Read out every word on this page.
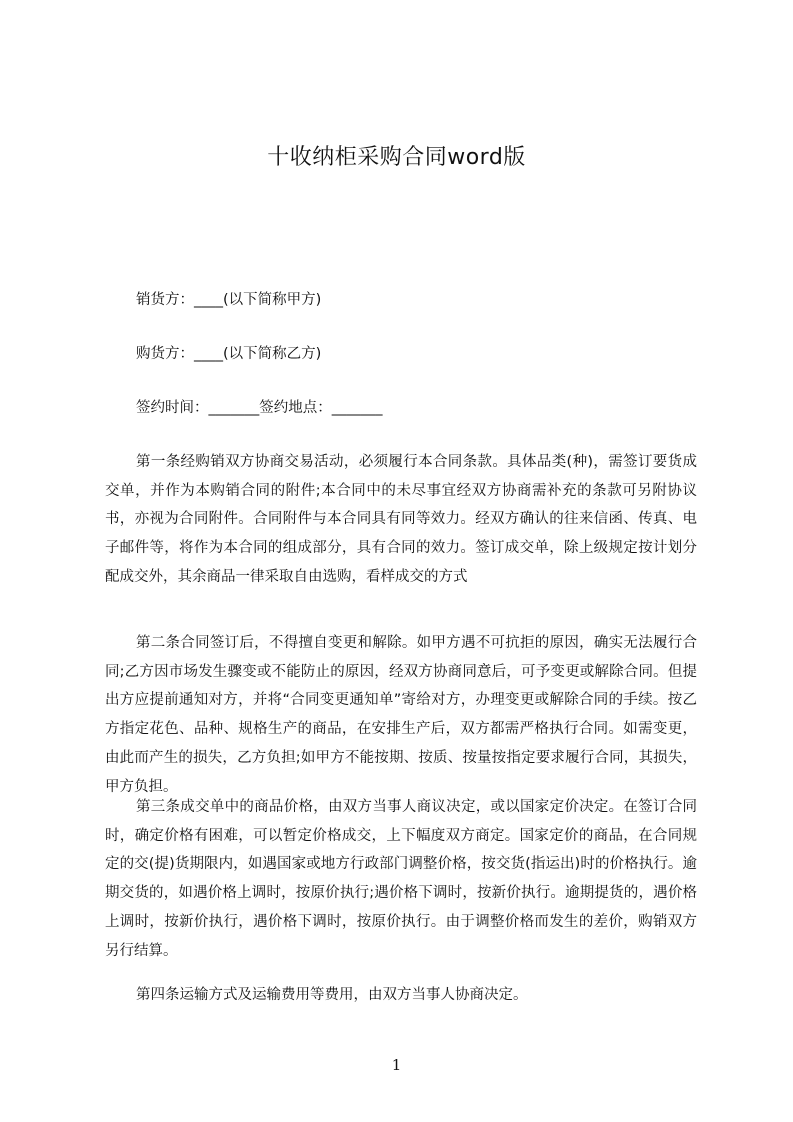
十收纳柜采购合同word版
销货方：____(以下简称甲方)
购货方：____(以下简称乙方)
签约时间：_______签约地点：_______
第一条经购销双方协商交易活动，必须履行本合同条款。具体品类(种)，需签订要货成交单，并作为本购销合同的附件;本合同中的未尽事宜经双方协商需补充的条款可另附协议书，亦视为合同附件。合同附件与本合同具有同等效力。经双方确认的往来信函、传真、电子邮件等，将作为本合同的组成部分，具有合同的效力。签订成交单，除上级规定按计划分配成交外，其余商品一律采取自由选购，看样成交的方式
第二条合同签订后，不得擅自变更和解除。如甲方遇不可抗拒的原因，确实无法履行合同;乙方因市场发生骤变或不能防止的原因，经双方协商同意后，可予变更或解除合同。但提出方应提前通知对方，并将“合同变更通知单”寄给对方，办理变更或解除合同的手续。按乙方指定花色、品种、规格生产的商品，在安排生产后，双方都需严格执行合同。如需变更，由此而产生的损失，乙方负担;如甲方不能按期、按质、按量按指定要求履行合同，其损失，甲方负担。
第三条成交单中的商品价格，由双方当事人商议决定，或以国家定价决定。在签订合同时，确定价格有困难，可以暂定价格成交，上下幅度双方商定。国家定价的商品，在合同规定的交(提)货期限内，如遇国家或地方行政部门调整价格，按交货(指运出)时的价格执行。逾期交货的，如遇价格上调时，按原价执行;遇价格下调时，按新价执行。逾期提货的，遇价格上调时，按新价执行，遇价格下调时，按原价执行。由于调整价格而发生的差价，购销双方另行结算。
第四条运输方式及运输费用等费用，由双方当事人协商决定。
1
